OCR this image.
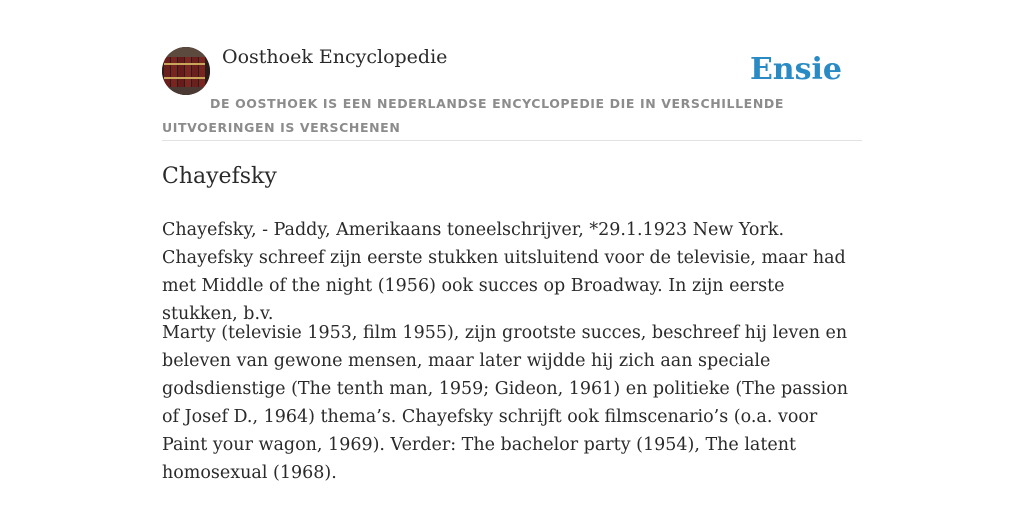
Oosthoek Encyclopedie	Ensie
DE OOSTHOEK IS EEN NEDERLANDSE ENCYCLOPEDIE DIE IN VERSCHILLENDE UITVOERINGEN IS VERSCHENEN
Chayefsky

Chayefsky, - Paddy, Amerikaans toneelschrijver, *29.1.1923 New York. Chayefsky schreef zijn eerste stukken uitsluitend voor de televisie, maar had met Middle of the night (1956) ook succes op Broadway. In zijn eerste stukken, b.v.

Marty (televisie 1953, film 1955), zijn grootste succes, beschreef hij leven en beleven van gewone mensen, maar later wijdde hij zich aan speciale godsdienstige (The tenth man, 1959; Gideon, 1961) en politieke (The passion of Josef D., 1964) thema’s. Chayefsky schrijft ook filmscenario’s (o.a. voor Paint your wagon, 1969). Verder: The bachelor party (1954), The latent homosexual (1968).
